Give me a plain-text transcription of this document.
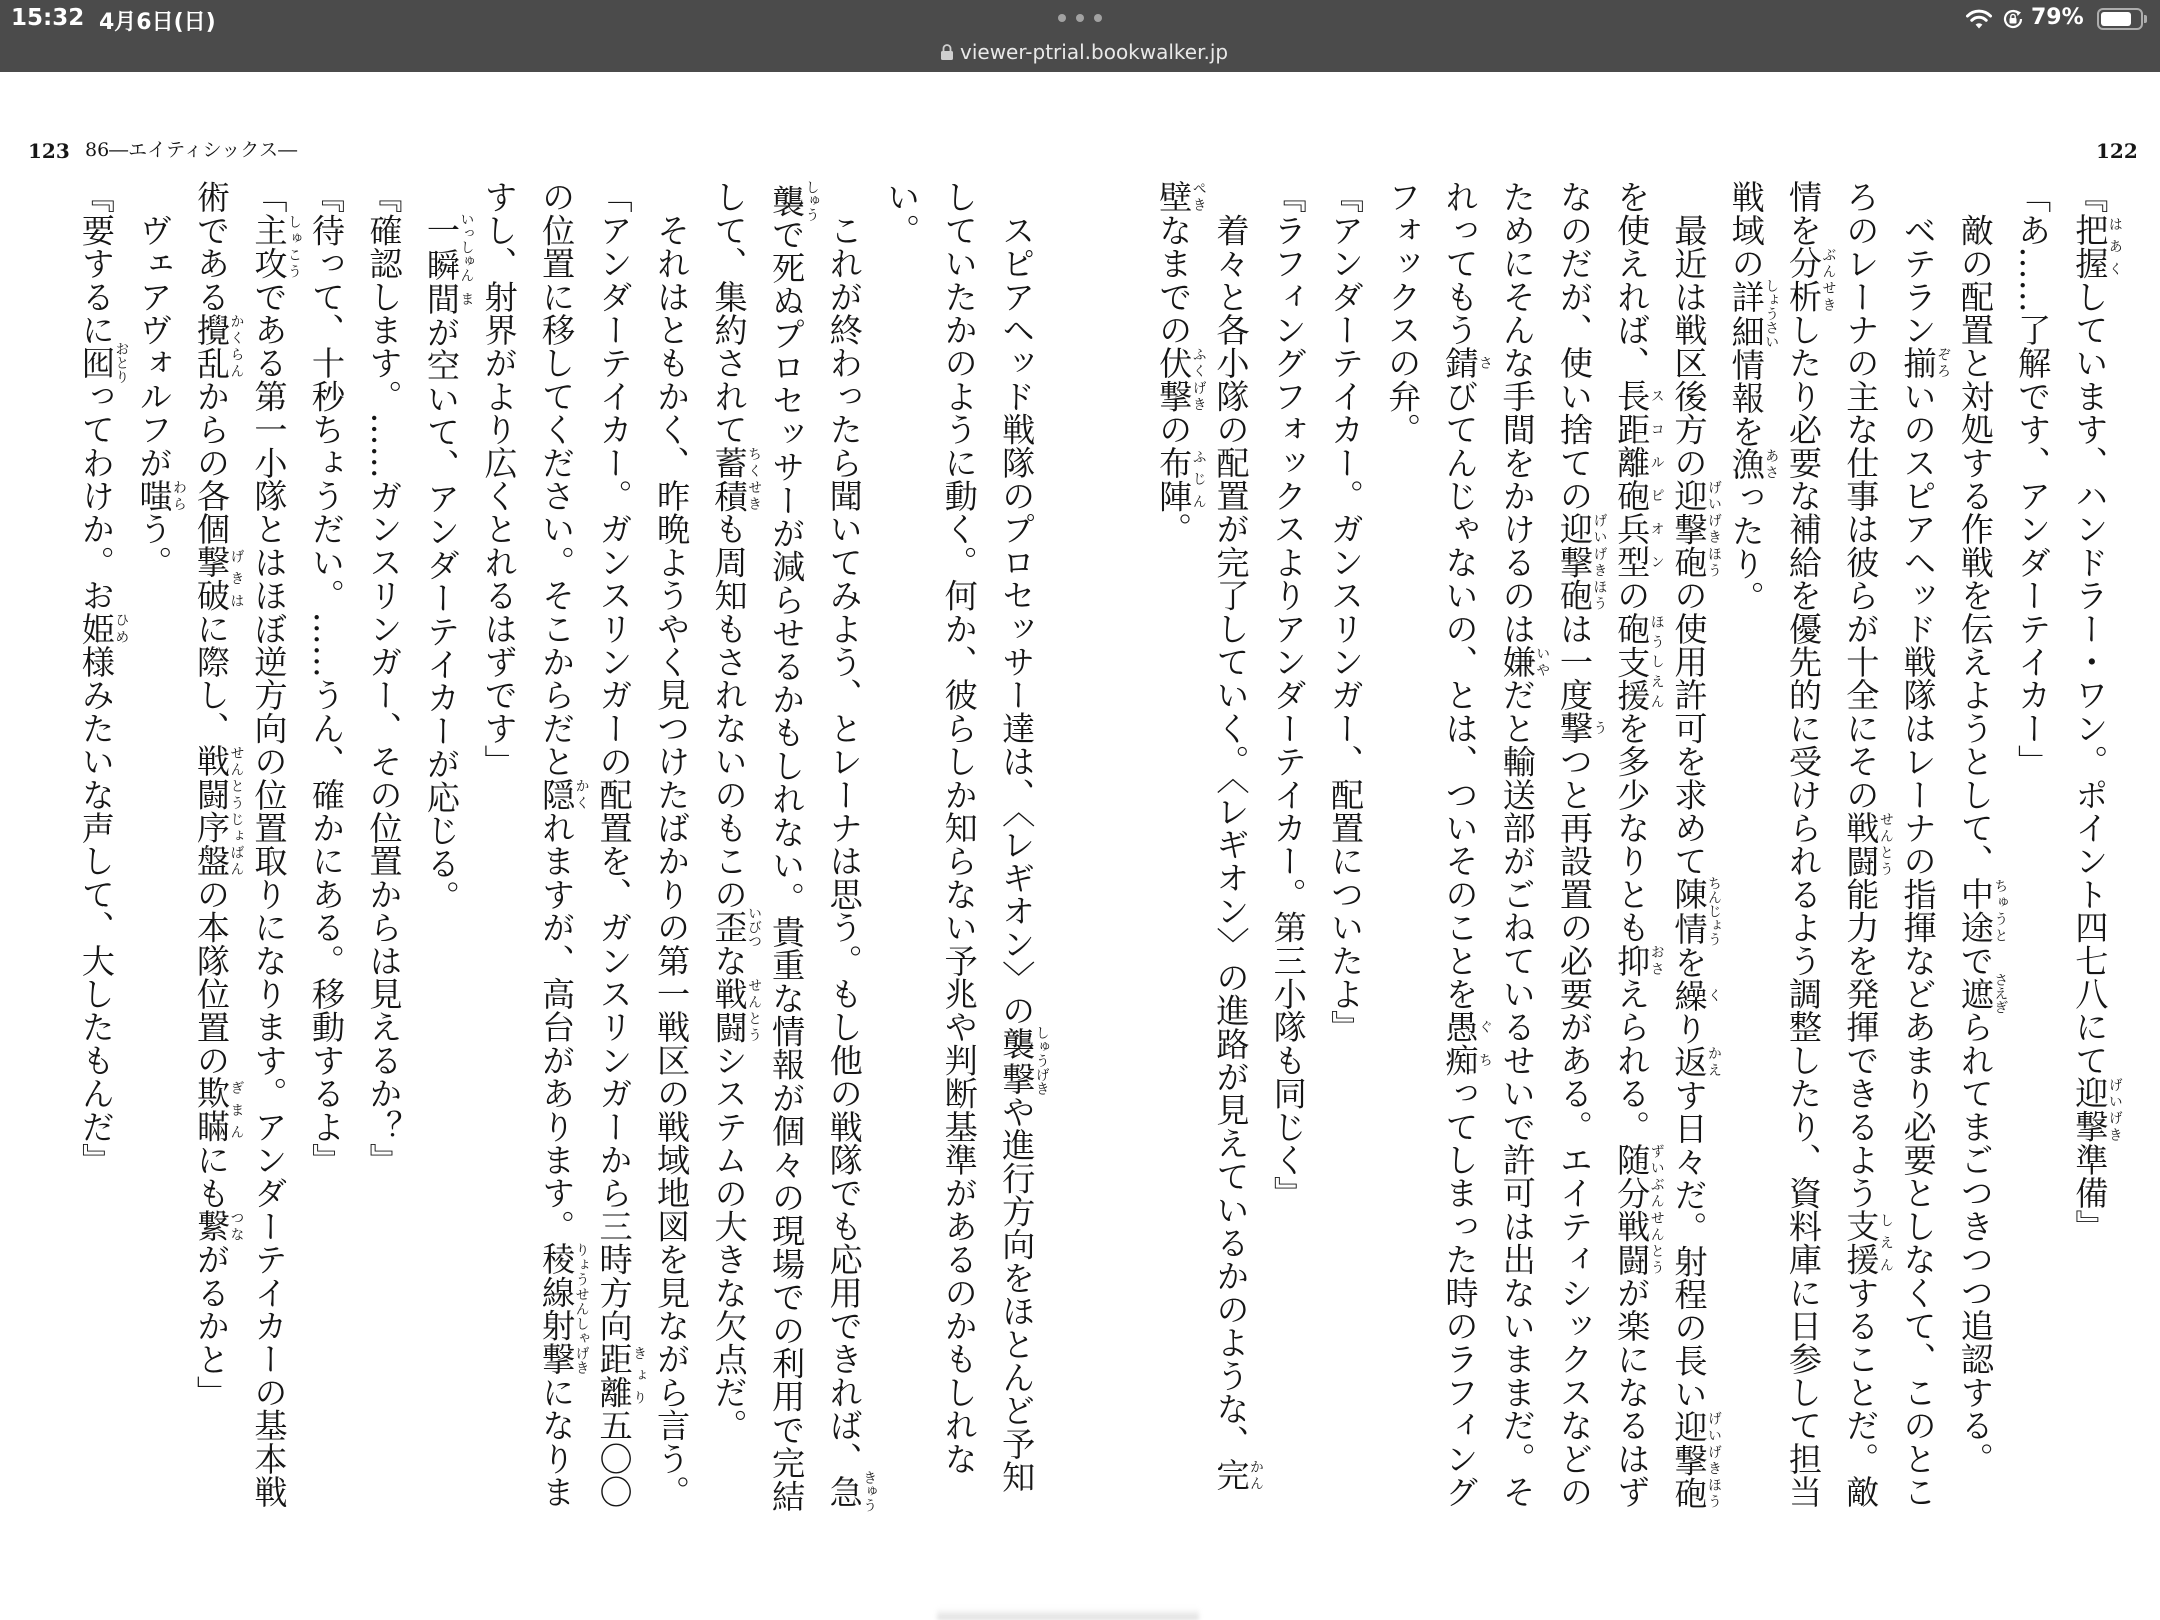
15:32 4月6日(日)
viewer-ptrial.bookwalker.jp
79%
123 86―エイティシックス―	122
『把握はあくしています、ハンドラー・ワン。ポイント四七八にて迎撃げいげき準備』
「あ……了解です、アンダーテイカー」
　敵の配置と対処する作戦を伝えようとして、中途ちゅうとで遮さえぎられてまごつきつつ追認する。
　ベテラン揃ぞろいのスピアヘッド戦隊はレーナの指揮などあまり必要としなくて、このとこ
ろのレーナの主な仕事は彼らが十全にその戦闘せんとう能力を発揮できるよう支援しえんすることだ。敵
情を分析ぶんせきしたり必要な補給を優先的に受けられるよう調整したり、資料庫に日参して担当
戦域の詳細しょうさい情報を漁あさったり。
　最近は戦区後方の迎撃砲げいげきほうの使用許可を求めて陳情ちんじょうを繰くり返かえす日々だ。射程の長い迎撃砲げいげきほう
を使えれば、長距離砲兵型スコルピオンの砲支援ほうしえんを多少なりとも抑おさえられる。随分戦闘ずいぶんせんとうが楽になるはず
なのだが、使い捨ての迎撃砲げいげきほうは一度撃うつと再設置の必要がある。エイティシックスなどの
ためにそんな手間をかけるのは嫌いやだと輸送部がごねているせいで許可は出ないままだ。そ
れってもう錆さびてんじゃないの、とは、ついそのことを愚痴ぐちってしまった時のラフィング
フォックスの弁。
『アンダーテイカー。ガンスリンガー、配置についたよ』
『ラフィングフォックスよりアンダーテイカー。第三小隊も同じく』
　着々と各小隊の配置が完了していく。〈レギオン〉の進路が見えているかのような、完かん
壁ぺきなまでの伏撃ふくげきの布陣ふじん。
　スピアヘッド戦隊のプロセッサー達は、〈レギオン〉の襲撃しゅうげきや進行方向をほとんど予知
していたかのように動く。何か、彼らしか知らない予兆や判断基準があるのかもしれな
い。
　これが終わったら聞いてみよう、とレーナは思う。もし他の戦隊でも応用できれば、急きゅう
襲しゅうで死ぬプロセッサーが減らせるかもしれない。貴重な情報が個々の現場での利用で完結
して、集約されて蓄積ちくせきも周知もされないのもこの歪いびつな戦闘せんとうシステムの大きな欠点だ。
　それはともかく、昨晩ようやく見つけたばかりの第一戦区の戦域地図を見ながら言う。
「アンダーテイカー。ガンスリンガーの配置を、ガンスリンガーから三時方向距離きょり五〇〇
の位置に移してください。そこからだと隠かくれますが、高台があります。稜線射撃りょうせんしゃげきになりま
すし、射界がより広くとれるはずです」
　一瞬いっしゅん間まが空いて、アンダーテイカーが応じる。
『確認します。……ガンスリンガー、その位置からは見えるか？』
『待って、十秒ちょうだい。……うん、確かにある。移動するよ』
「主攻しゅこうである第一小隊とはほぼ逆方向の位置取りになります。アンダーテイカーの基本戦
術である攪乱かくらんからの各個撃破げきはに際し、戦闘序盤せんとうじょばんの本隊位置の欺瞞ぎまんにも繋つながるかと」
　ヴェアヴォルフが嗤わらう。
『要するに囮おとりってわけか。お姫ひめ様みたいな声して、大したもんだ』
